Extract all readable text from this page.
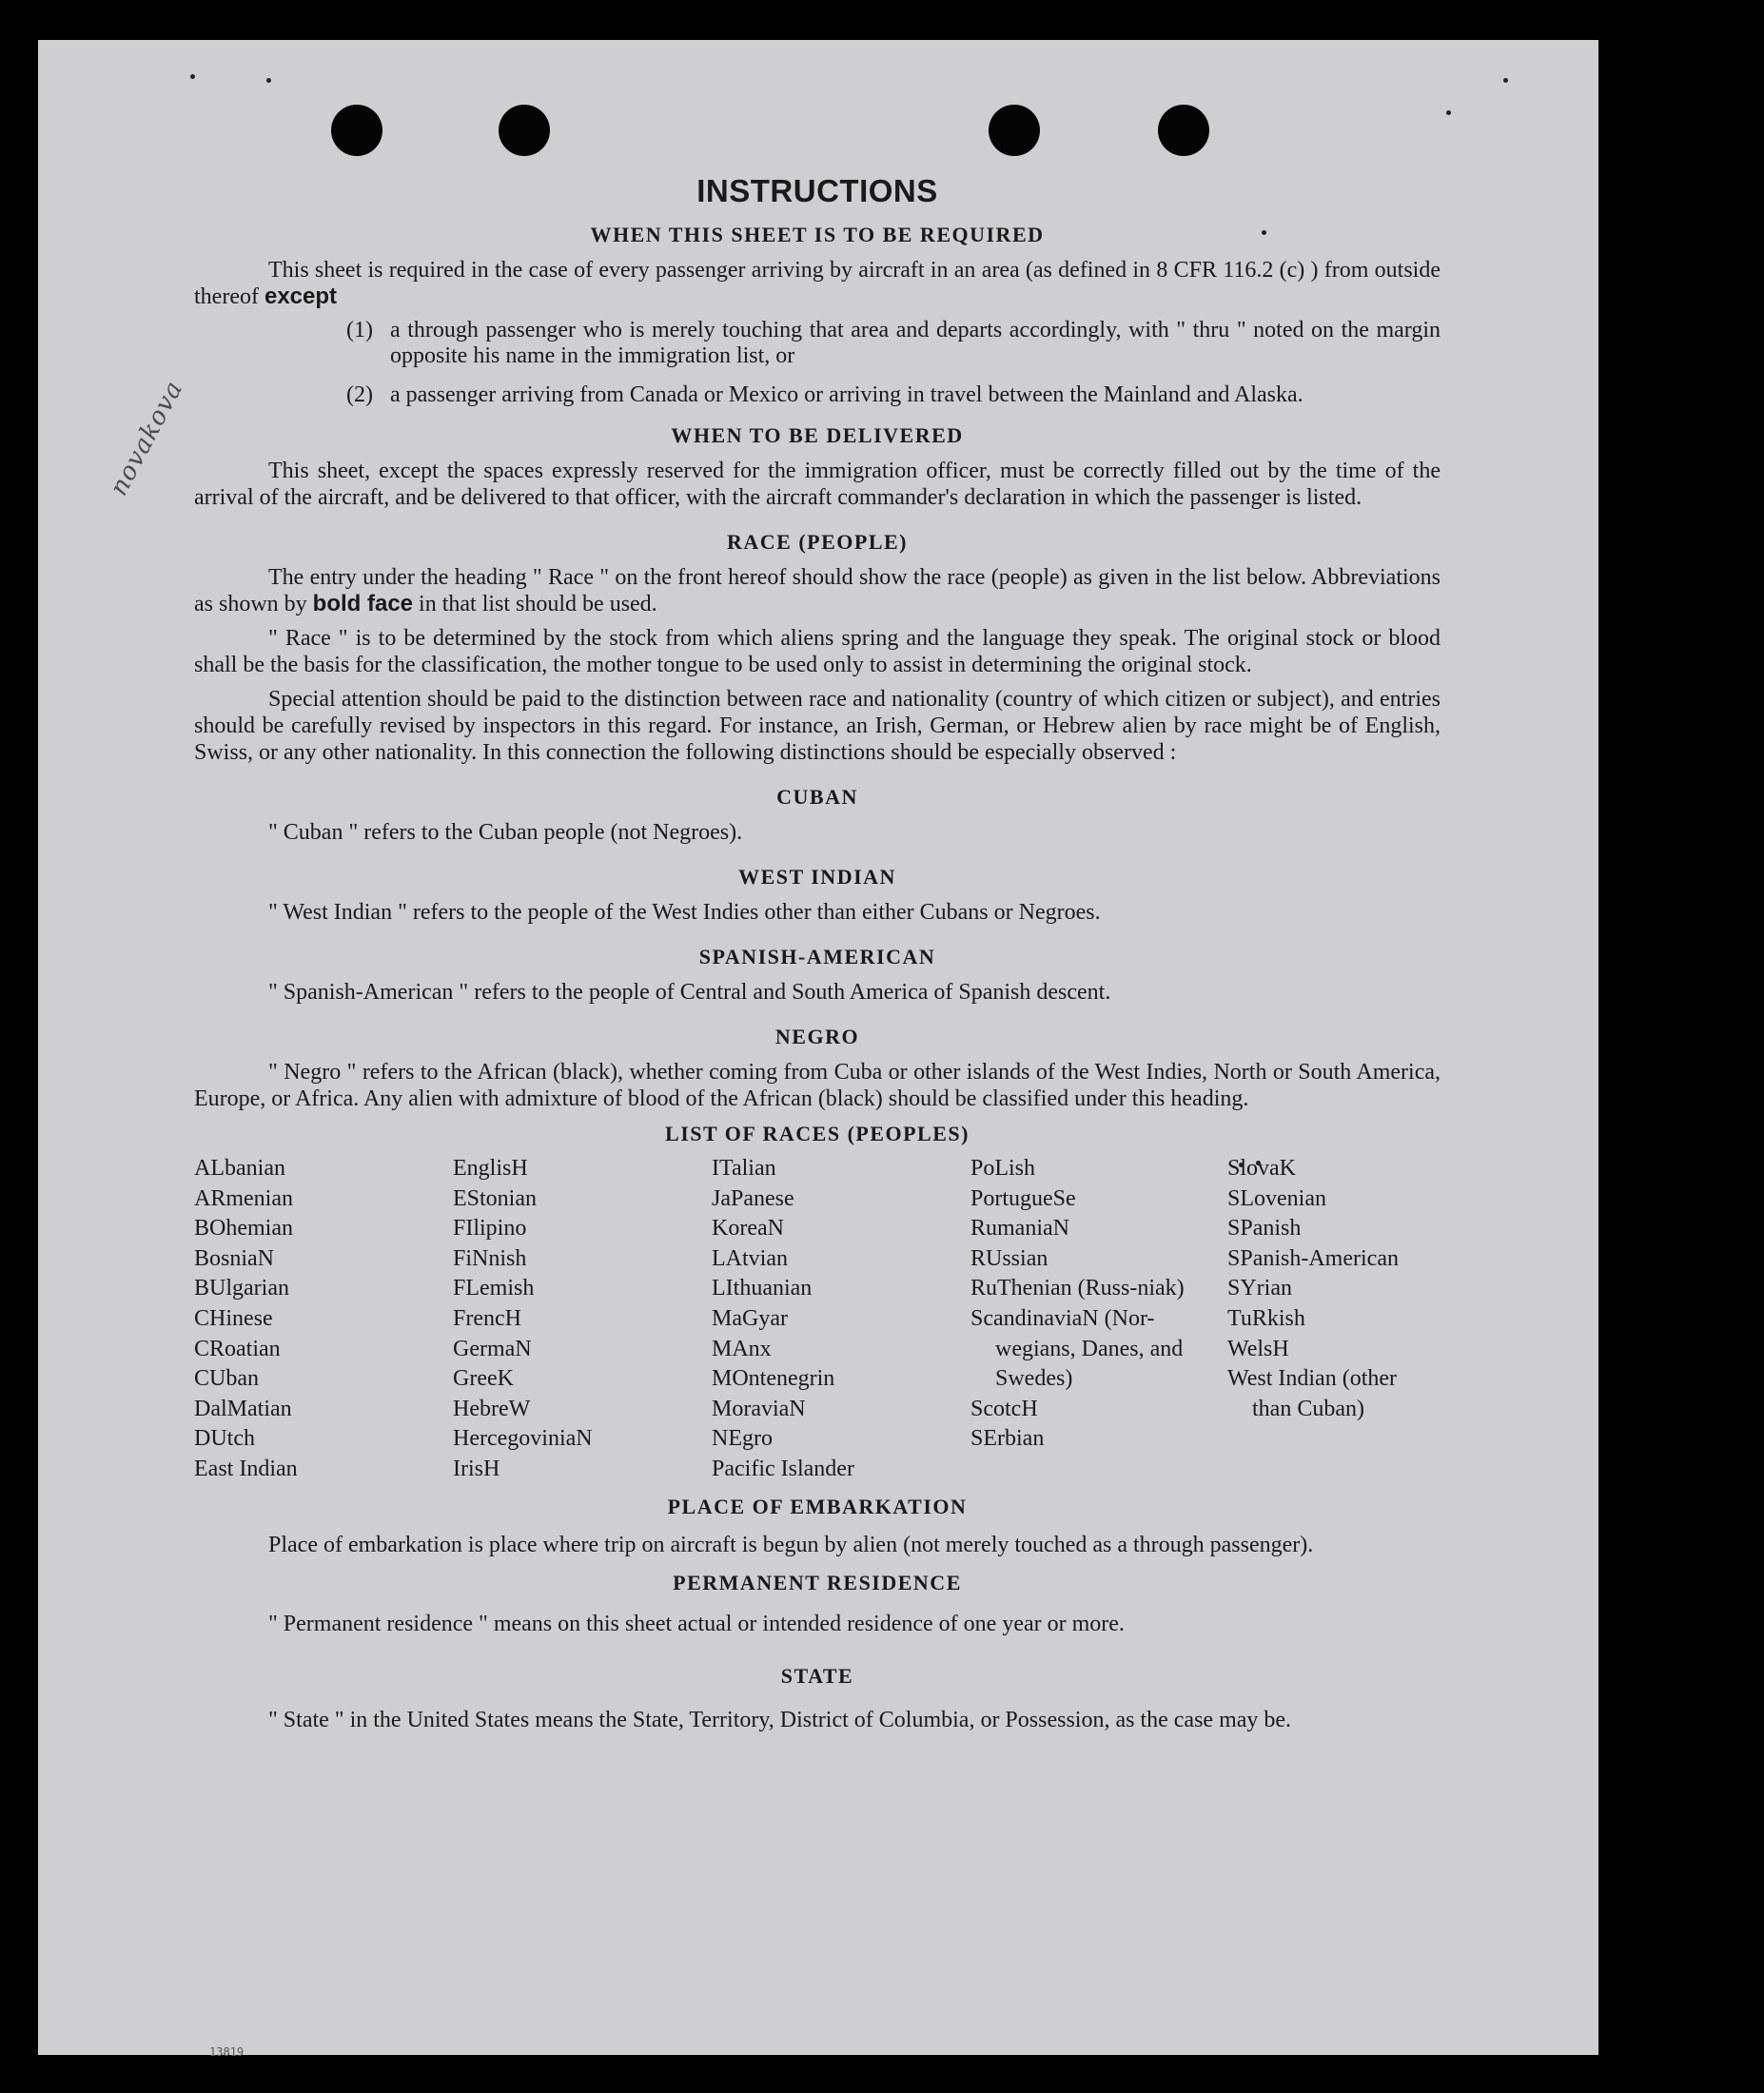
novakova
13819
INSTRUCTIONS
WHEN THIS SHEET IS TO BE REQUIRED

This sheet is required in the case of every passenger arriving by aircraft in an area (as defined in 8 CFR 116.2 (c) ) from outside thereof except

(1) a through passenger who is merely touching that area and departs accordingly, with " thru " noted on the margin opposite his name in the immigration list, or
(2) a passenger arriving from Canada or Mexico or arriving in travel between the Mainland and Alaska.
WHEN TO BE DELIVERED

This sheet, except the spaces expressly reserved for the immigration officer, must be correctly filled out by the time of the arrival of the aircraft, and be delivered to that officer, with the aircraft commander's declaration in which the passenger is listed.

RACE (PEOPLE)

The entry under the heading " Race " on the front hereof should show the race (people) as given in the list below. Abbreviations as shown by bold face in that list should be used.

" Race " is to be determined by the stock from which aliens spring and the language they speak. The original stock or blood shall be the basis for the classification, the mother tongue to be used only to assist in determining the original stock.

Special attention should be paid to the distinction between race and nationality (country of which citizen or subject), and entries should be carefully revised by inspectors in this regard. For instance, an Irish, German, or Hebrew alien by race might be of English, Swiss, or any other nationality. In this connection the following distinctions should be especially observed :

CUBAN

" Cuban " refers to the Cuban people (not Negroes).

WEST INDIAN

" West Indian " refers to the people of the West Indies other than either Cubans or Negroes.

SPANISH-AMERICAN

" Spanish-American " refers to the people of Central and South America of Spanish descent.

NEGRO

" Negro " refers to the African (black), whether coming from Cuba or other islands of the West Indies, North or South America, Europe, or Africa. Any alien with admixture of blood of the African (black) should be classified under this heading.

LIST OF RACES (PEOPLES)
ALbanian
ARmenian
BOhemian
BosniaN
BUlgarian
CHinese
CRoatian
CUban
DalMatian
DUtch
East Indian
EnglisH
EStonian
FIlipino
FiNnish
FLemish
FrencH
GermaN
GreeK
HebreW
HercegoviniaN
IrisH
ITalian
JaPanese
KoreaN
LAtvian
LIthuanian
MaGyar
MAnx
MOntenegrin
MoraviaN
NEgro
Pacific Islander
PoLish
PortugueSe
RumaniaN
RUssian
RuThenian (Russ-niak)
ScandinaviaN (Nor-wegians, Danes, and Swedes)
ScotcH
SErbian
SlovaK
SLovenian
SPanish
SPanish-American
SYrian
TuRkish
WelsH
West Indian (other than Cuban)
PLACE OF EMBARKATION

Place of embarkation is place where trip on aircraft is begun by alien (not merely touched as a through passenger).

PERMANENT RESIDENCE

" Permanent residence " means on this sheet actual or intended residence of one year or more.

STATE

" State " in the United States means the State, Territory, District of Columbia, or Possession, as the case may be.
